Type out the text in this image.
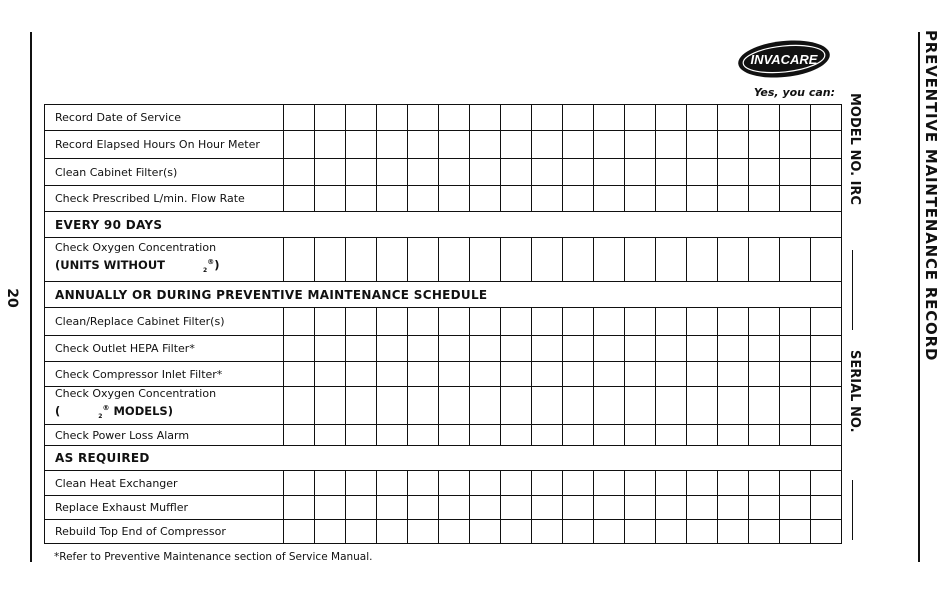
20
INVACARE
Yes, you can:
Record Date of Service																		
Record Elapsed Hours On Hour Meter																		
Clean Cabinet Filter(s)																		
Check Prescribed L/min. Flow Rate																		
EVERY 90 DAYS																		

Check Oxygen Concentration
(UNITS WITHOUT $_2$®)																		

ANNUALLY OR DURING PREVENTIVE MAINTENANCE SCHEDULE																		
Clean/Replace Cabinet Filter(s)																		
Check Outlet HEPA Filter*																		
Check Compressor Inlet Filter*																		

Check Oxygen Concentration
( $_2$® MODELS)																		

Check Power Loss Alarm																		
AS REQUIRED																		
Clean Heat Exchanger																		
Replace Exhaust Muffler																		
Rebuild Top End of Compressor																		
*Refer to Preventive Maintenance section of Service Manual.
MODEL NO. IRC
SERIAL NO.
PREVENTIVE MAINTENANCE RECORD
